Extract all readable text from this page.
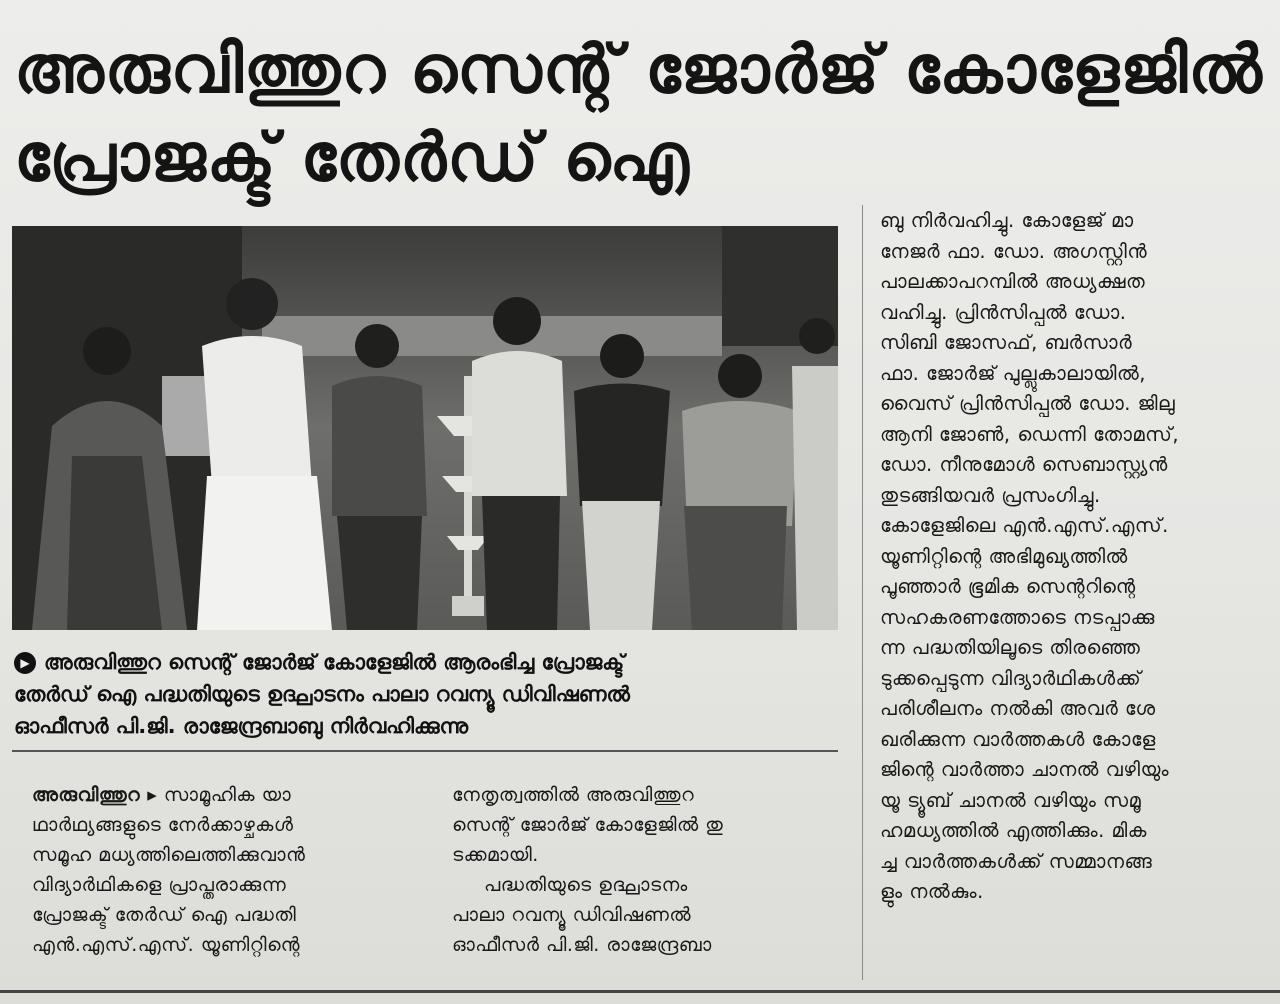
അരുവിത്തുറ സെന്റ് ജോർജ് കോളേജിൽ
പ്രോജക്ട് തേർഡ് ഐ

▶ അരുവിത്തുറ സെന്റ് ജോർജ് കോളേജിൽ ആരംഭിച്ച പ്രോജക്ട്

തേർഡ് ഐ പദ്ധതിയുടെ ഉദ്ഘാടനം പാലാ റവന്യൂ ഡിവിഷണൽ

ഓഫീസർ പി.ജി. രാജേന്ദ്രബാബു നിർവഹിക്കുന്നു

അരുവിത്തുറ ▸ സാമൂഹിക യാ

ഥാർഥ്യങ്ങളുടെ നേർക്കാഴ്ചകൾ

സമൂഹ മധ്യത്തിലെത്തിക്കുവാൻ

വിദ്യാർഥികളെ പ്രാപ്തരാക്കുന്ന

പ്രോജക്ട് തേർഡ് ഐ പദ്ധതി

എൻ.എസ്.എസ്. യൂണിറ്റിന്റെ

നേതൃത്വത്തിൽ അരുവിത്തുറ

സെന്റ് ജോർജ് കോളേജിൽ തു

ടക്കമായി.

പദ്ധതിയുടെ ഉദ്ഘാടനം

പാലാ റവന്യൂ ഡിവിഷണൽ

ഓഫീസർ പി.ജി. രാജേന്ദ്രബാ

ബു നിർവഹിച്ചു. കോളേജ് മാ

നേജർ ഫാ. ഡോ. അഗസ്റ്റിൻ

പാലക്കാപറമ്പിൽ അധ്യക്ഷത

വഹിച്ചു. പ്രിൻസിപ്പൽ ഡോ.

സിബി ജോസഫ്, ബർസാർ

ഫാ. ജോർജ് പുല്ലുകാലായിൽ,

വൈസ് പ്രിൻസിപ്പൽ ഡോ. ജിലു

ആനി ജോൺ, ഡെന്നി തോമസ്,

ഡോ. നീനുമോൾ സെബാസ്റ്റ്യൻ

തുടങ്ങിയവർ പ്രസംഗിച്ചു.

കോളേജിലെ എൻ.എസ്.എസ്.

യൂണിറ്റിന്റെ അഭിമുഖ്യത്തിൽ

പൂഞ്ഞാർ ഭൂമിക സെന്ററിന്റെ

സഹകരണത്തോടെ നടപ്പാക്കു

ന്ന പദ്ധതിയിലൂടെ തിരഞ്ഞെ

ടുക്കപ്പെടുന്ന വിദ്യാർഥികൾക്ക്

പരിശീലനം നൽകി അവർ ശേ

ഖരിക്കുന്ന വാർത്തകൾ കോളേ

ജിന്റെ വാർത്താ ചാനൽ വഴിയും

യൂ ട്യൂബ് ചാനൽ വഴിയും സമൂ

ഹമധ്യത്തിൽ എത്തിക്കും. മിക

ച്ച വാർത്തകൾക്ക് സമ്മാനങ്ങ

ളും നൽകും.
